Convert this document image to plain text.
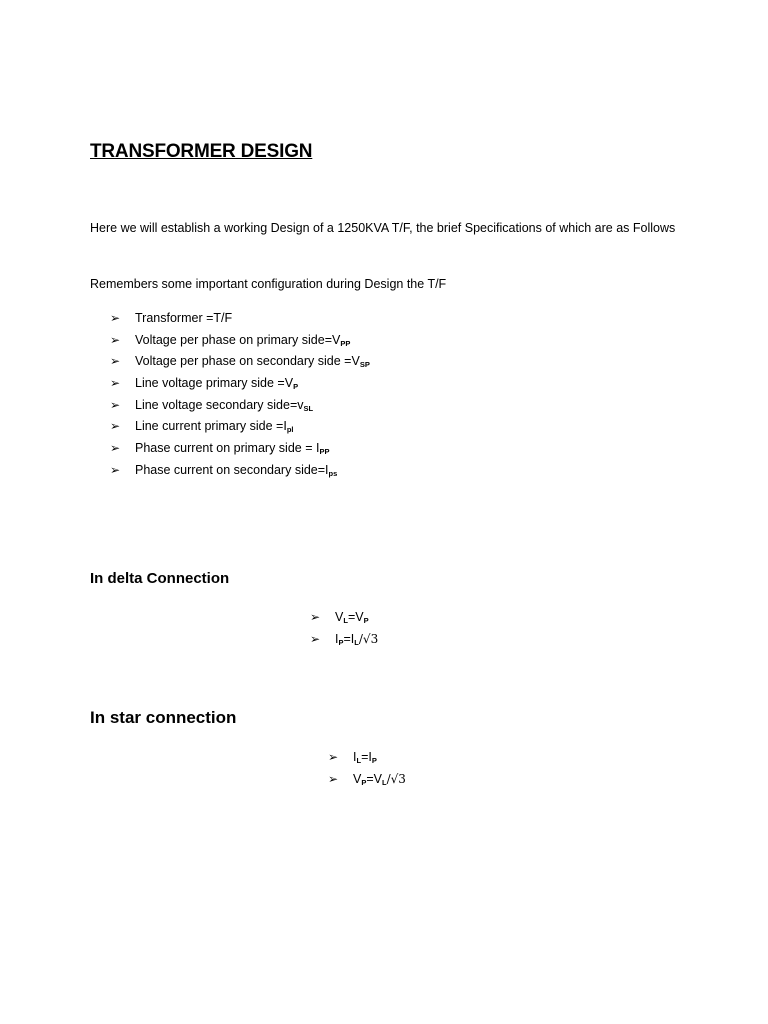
TRANSFORMER DESIGN
Here we will establish a working Design of a 1250KVA T/F, the brief Specifications of which are as Follows
Remembers some important configuration during Design the T/F
➢ Transformer =T/F
➢ Voltage per phase on primary $side=V_{PP}$
➢ Voltage per phase on secondary side $=V_{SP}$
➢ Line voltage primary side $=V_P$
➢ Line voltage secondary $side=v_{SL}$
➢ Line current primary side $=I_{pl}$
➢ Phase current on primary side = $I_{PP}$
➢ Phase current on secondary $side=I_{ps}$
In delta Connection
➢ $V_L=V_P$
➢ $I_P=I_L/√3$
In star connection
➢ $I_L=I_P$
➢ $V_P=V_L/√3$
